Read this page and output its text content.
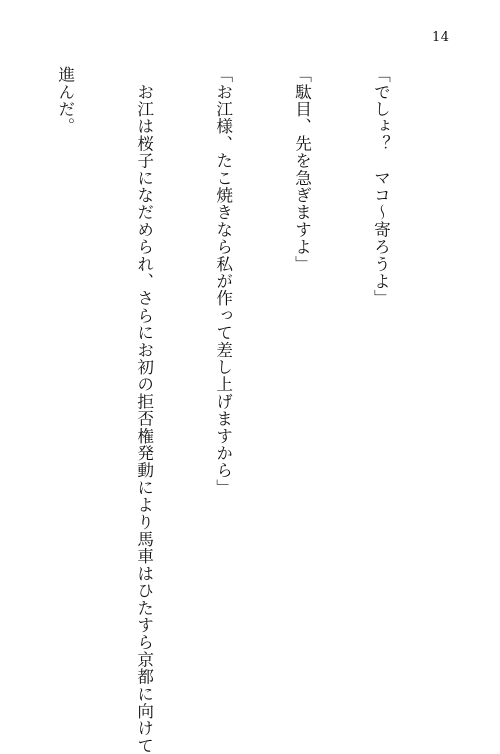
14

「でしょ？　マコ〜寄ろうよ」

「駄目、先を急ぎますよ」

「お江様、たこ焼きなら私が作って差し上げますから」

　お江は桜子になだめられ、さらにお初の拒否権発動により馬車はひたすら京都に向けて

進んだ。
